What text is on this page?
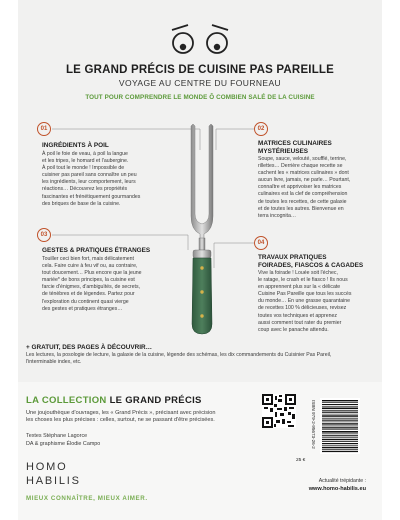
LE GRAND PRÉCIS DE CUISINE PAS PAREILLE
VOYAGE AU CENTRE DU FOURNEAU
TOUT POUR COMPRENDRE LE MONDE Ô COMBIEN SALÉ DE LA CUISINE
01
INGRÉDIENTS À POIL
À poil le foie de veau, à poil la langue
et les tripes, le homard et l'aubergine.
À poil tout le monde ! Impossible de
cuisiner pas pareil sans connaître un peu
les ingrédients, leur comportement, leurs
réactions… Découvrez les propriétés
fascinantes et frénétiquement gourmandes
des briques de base de la cuisine.
02
MATRICES CULINAIRES
MYSTÉRIEUSES
Soupe, sauce, velouté, soufflé, terrine,
rillettes… Derrière chaque recette se
cachent les « matrices culinaires » dont
aucun livre, jamais, ne parle… Pourtant,
connaître et apprivoiser les matrices
culinaires est la clef de compréhension
de toutes les recettes, de cette galaxie
et de toutes les autres. Bienvenue en
terra incognita…
03
GESTES & PRATIQUES ÉTRANGES
Touiller ceci bien fort, mais délicatement
cela. Faire cuire à feu vif ou, au contraire,
tout doucement… Plus encore que la jeune
mariée* de bons principes, la cuisine est
farcie d'énigmes, d'ambiguïtés, de secrets,
de ténèbres et de légendes. Partez pour
l'exploration du continent quasi vierge
des gestes et pratiques étranges…
04
TRAVAUX PRATIQUES
FOIRADES, FIASCOS & CAGADES
Vive la foirade ! Louée soit l'échec,
le ratage, le crash et le fiasco ! Ils nous
en apprennent plus sur la « délicate
Cuisine Pas Pareille que tous les succès
du monde… En une grasse quarantaine
de recettes 100 % délicieuses, revisez
toutes vos techniques et apprenez
aussi comment tout rater du premier
coup avec le panache attendu.
+ GRATUIT, DES PAGES À DÉCOUVRIR…
Les lectures, la posologie de lecture, la galaxie de la cuisine, légende des schémas, les dix commandements du Cuisinier Pas Pareil,
l'interminable index, etc.
LA COLLECTION LE GRAND PRÉCIS
Une joujouthèque d'ouvrages, les « Grand Précis », précisant avec précision
les choses les plus précises : celles, surtout, ne se passant d'être précisées.
Textes Stéphane Lagorce
DA & graphisme Élodie Campo
HOMO
HABILIS
MIEUX CONNAÎTRE, MIEUX AIMER.
ISBN 979-2-95673-26-2
25 €
Actualité trépidante :
www.homo-habilis.eu
